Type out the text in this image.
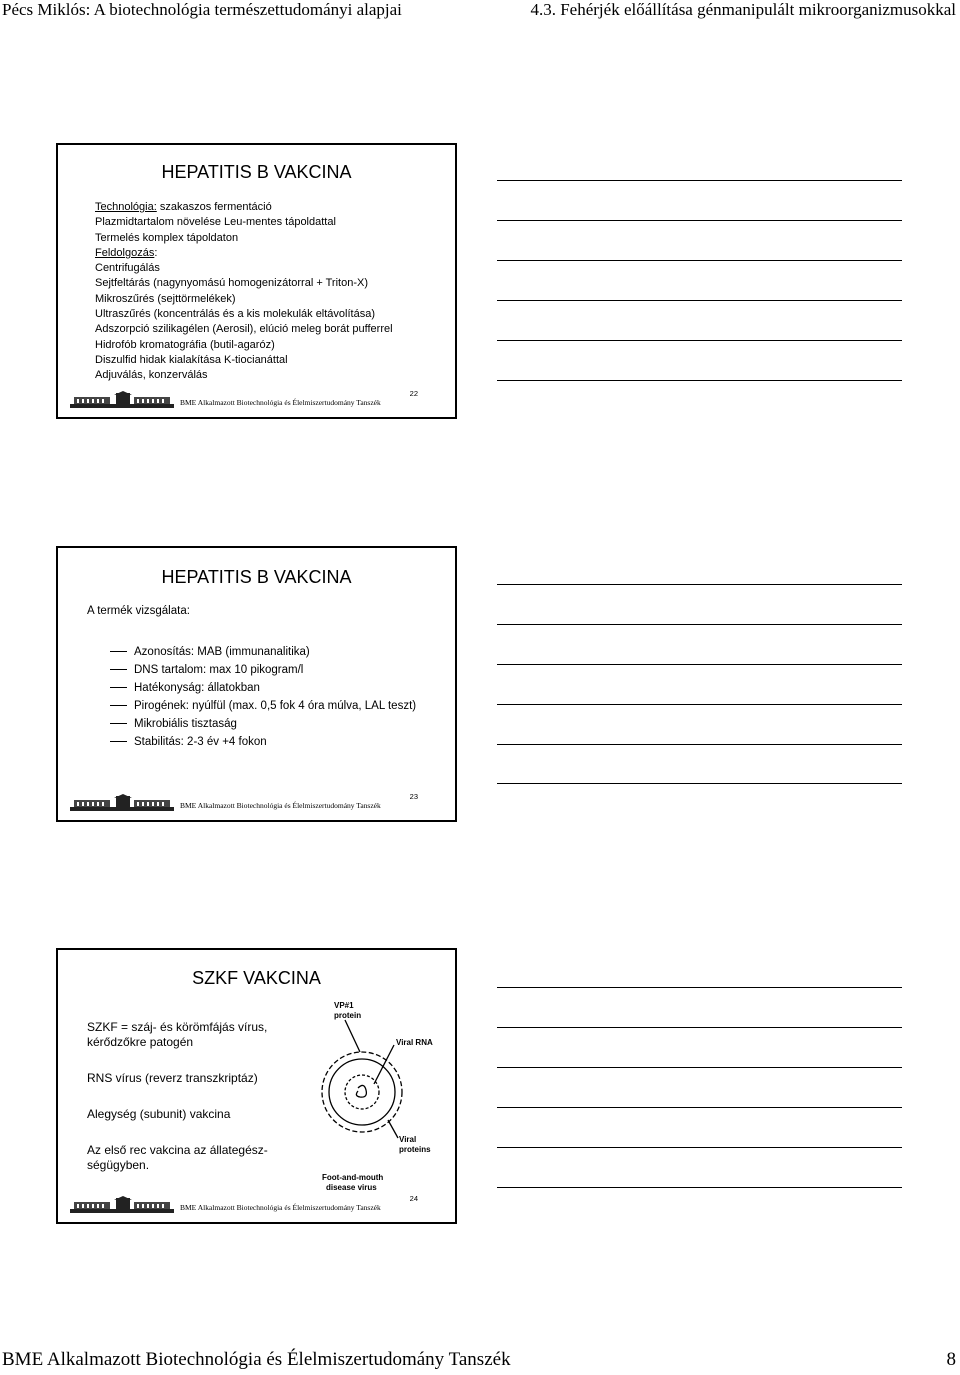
Pécs Miklós: A biotechnológia természettudományi alapjai	4.3. Fehérjék előállítása génmanipulált mikroorganizmusokkal
HEPATITIS B VAKCINA
Technológia: szakaszos fermentáció
Plazmidtartalom növelése Leu-mentes tápoldattal
Termelés komplex tápoldaton
Feldolgozás:
Centrifugálás
Sejtfeltárás (nagynyomású homogenizátorral + Triton-X)
Mikroszűrés (sejttörmelékek)
Ultraszűrés (koncentrálás és a kis molekulák eltávolítása)
Adszorpció szilikagélen (Aerosil), elúció meleg borát pufferrel
Hidrofób kromatográfia (butil-agaróz)
Diszulfid hidak kialakítása K-tiocianáttal
Adjuválás, konzerválás
BME Alkalmazott Biotechnológia és Élelmiszertudomány Tanszék
22
HEPATITIS B VAKCINA
A termék vizsgálata:
Azonosítás: MAB (immunanalitika)
DNS tartalom: max 10 pikogram/l
Hatékonyság: állatokban
Pirogének: nyúlfül (max. 0,5 fok 4 óra múlva, LAL teszt)
Mikrobiális tisztaság
Stabilitás: 2-3 év +4 fokon
BME Alkalmazott Biotechnológia és Élelmiszertudomány Tanszék
23
SZKF VAKCINA
SZKF = száj- és körömfájás vírus,
kérődzőkre patogén
RNS vírus (reverz transzkriptáz)
Alegység (subunit) vakcina
Az első rec vakcina az állategész-
ségügyben.
VP#1
protein
Viral RNA
Viral
proteins
Foot-and-mouth
disease virus
BME Alkalmazott Biotechnológia és Élelmiszertudomány Tanszék
24
BME Alkalmazott Biotechnológia és Élelmiszertudomány Tanszék	8
